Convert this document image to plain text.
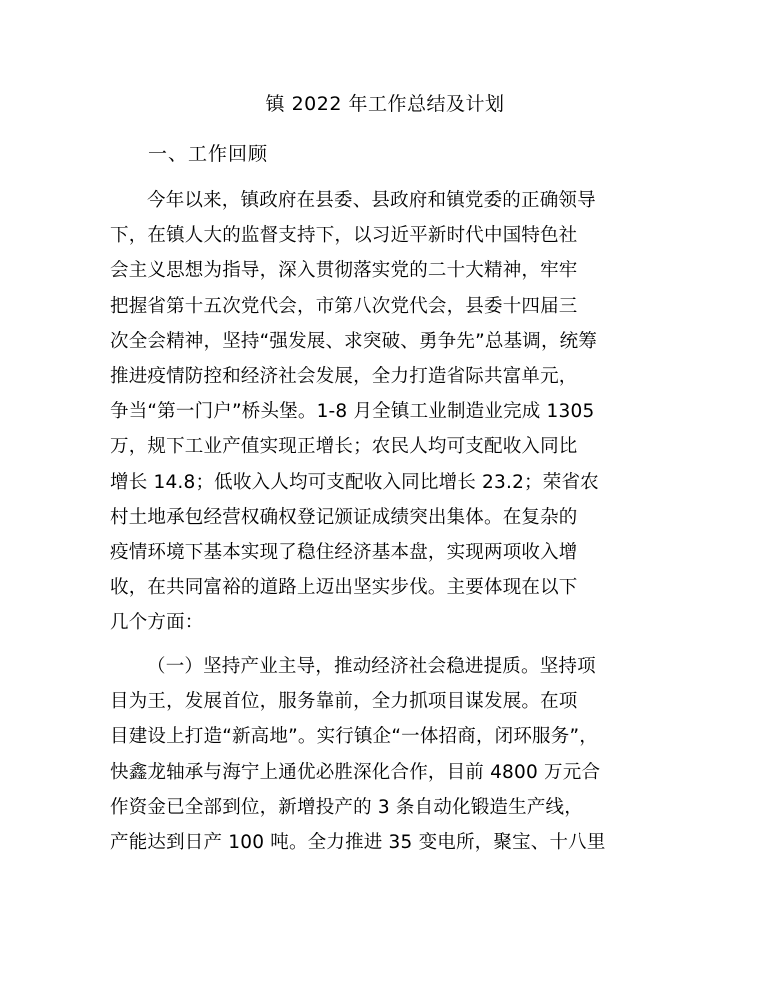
镇 2022 年工作总结及计划
一、工作回顾
今年以来，镇政府在县委、县政府和镇党委的正确领导
下，在镇人大的监督支持下，以习近平新时代中国特色社
会主义思想为指导，深入贯彻落实党的二十大精神，牢牢
把握省第十五次党代会，市第八次党代会，县委十四届三
次全会精神，坚持“强发展、求突破、勇争先”总基调，统筹
推进疫情防控和经济社会发展，全力打造省际共富单元，
争当“第一门户”桥头堡。1-8 月全镇工业制造业完成 1305
万，规下工业产值实现正增长；农民人均可支配收入同比
增长 14.8；低收入人均可支配收入同比增长 23.2；荣省农
村土地承包经营权确权登记颁证成绩突出集体。在复杂的
疫情环境下基本实现了稳住经济基本盘，实现两项收入增
收，在共同富裕的道路上迈出坚实步伐。主要体现在以下
几个方面：
（一）坚持产业主导，推动经济社会稳进提质。坚持项
目为王，发展首位，服务靠前，全力抓项目谋发展。在项
目建设上打造“新高地”。实行镇企“一体招商，闭环服务”，
快鑫龙轴承与海宁上通优必胜深化合作，目前 4800 万元合
作资金已全部到位，新增投产的 3 条自动化锻造生产线，
产能达到日产 100 吨。全力推进 35 变电所，聚宝、十八里
